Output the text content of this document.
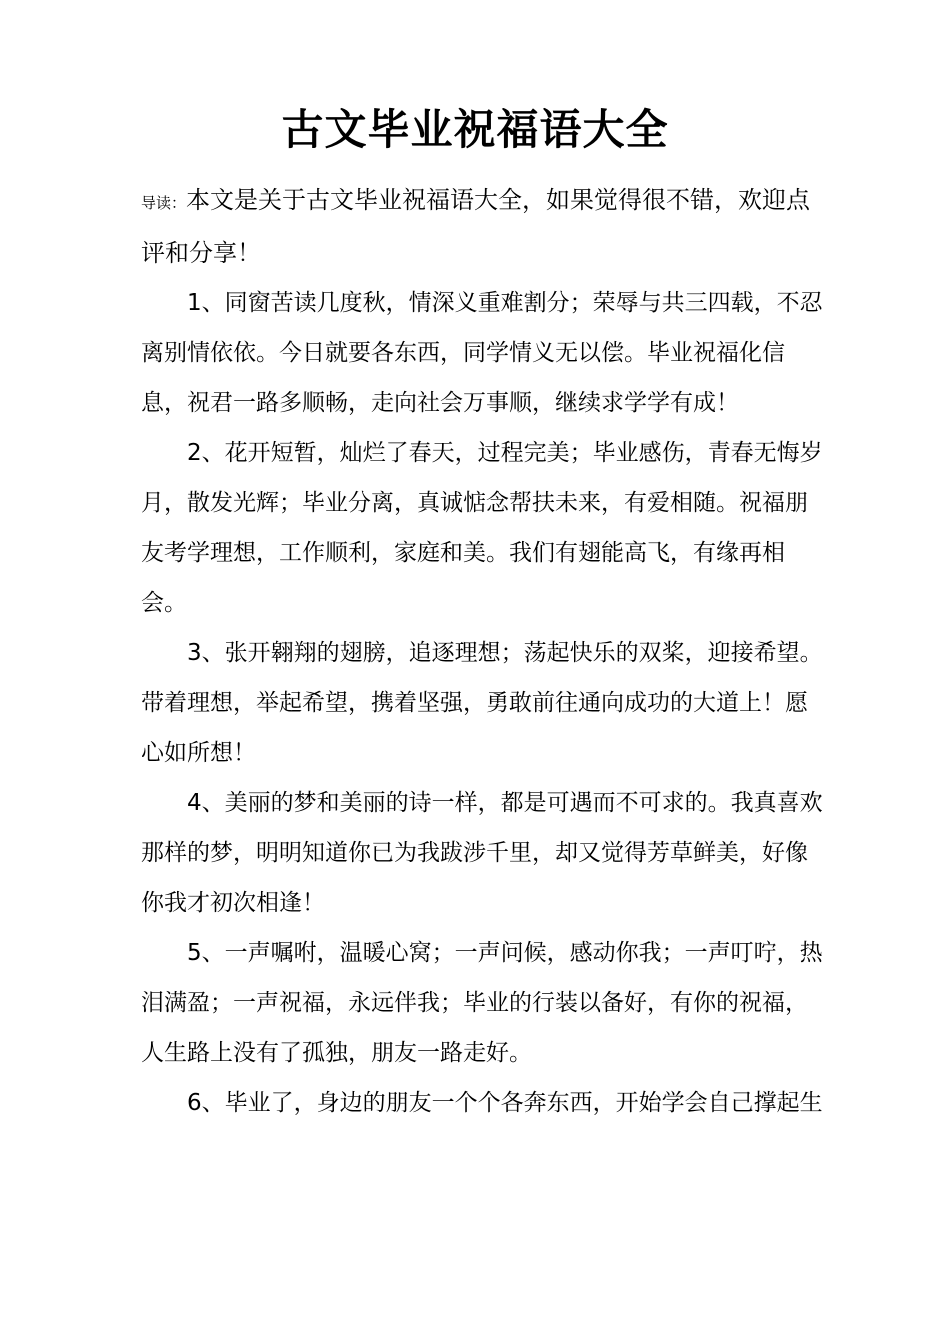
古文毕业祝福语大全

导读：本文是关于古文毕业祝福语大全，如果觉得很不错，欢迎点评和分享！

1、同窗苦读几度秋，情深义重难割分；荣辱与共三四载，不忍离别情依依。今日就要各东西，同学情义无以偿。毕业祝福化信息，祝君一路多顺畅，走向社会万事顺，继续求学学有成！

2、花开短暂，灿烂了春天，过程完美；毕业感伤，青春无悔岁月，散发光辉；毕业分离，真诚惦念帮扶未来，有爱相随。祝福朋友考学理想，工作顺利，家庭和美。我们有翅能高飞，有缘再相会。

3、张开翱翔的翅膀，追逐理想；荡起快乐的双桨，迎接希望。带着理想，举起希望，携着坚强，勇敢前往通向成功的大道上！愿心如所想！

4、美丽的梦和美丽的诗一样，都是可遇而不可求的。我真喜欢那样的梦，明明知道你已为我跋涉千里，却又觉得芳草鲜美，好像你我才初次相逢！

5、一声嘱咐，温暖心窝；一声问候，感动你我；一声叮咛，热泪满盈；一声祝福，永远伴我；毕业的行装以备好，有你的祝福，人生路上没有了孤独，朋友一路走好。

6、毕业了，身边的朋友一个个各奔东西，开始学会自己撑起生
